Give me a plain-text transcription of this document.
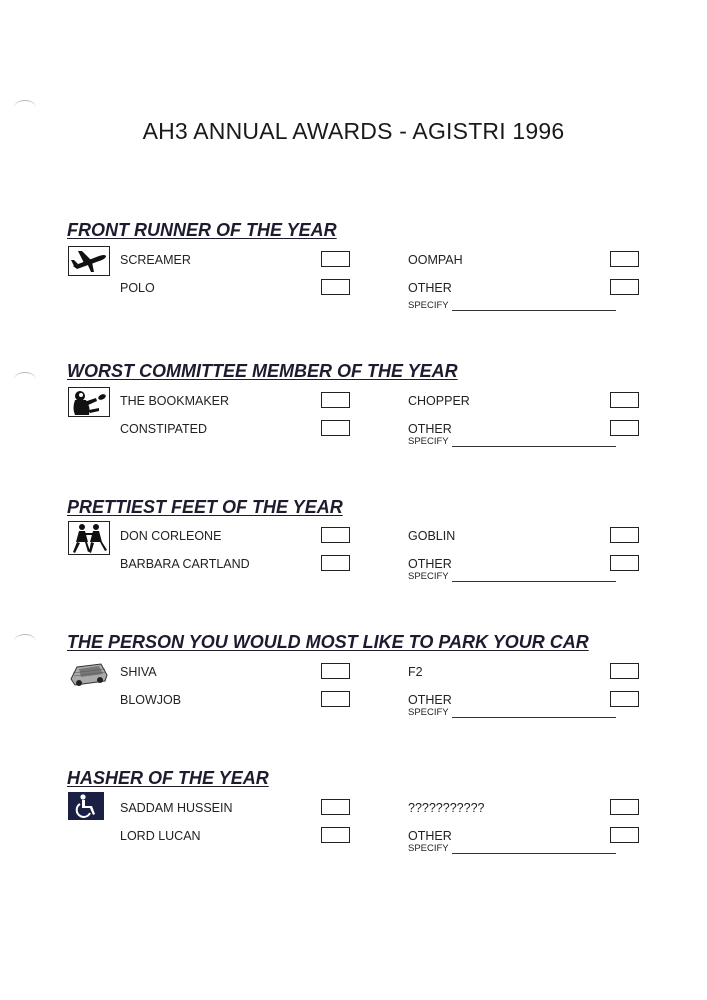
AH3 ANNUAL AWARDS - AGISTRI 1996
FRONT RUNNER OF THE YEAR
SCREAMER	OOMPAH
POLO	OTHER
SPECIFY
WORST COMMITTEE MEMBER OF THE YEAR
THE BOOKMAKER	CHOPPER
CONSTIPATED	OTHER
SPECIFY
PRETTIEST FEET OF THE YEAR
DON CORLEONE	GOBLIN
BARBARA CARTLAND	OTHER
SPECIFY
THE PERSON YOU WOULD MOST LIKE TO PARK YOUR CAR
SHIVA	F2
BLOWJOB	OTHER
SPECIFY
HASHER OF THE YEAR
SADDAM HUSSEIN	???????????
LORD LUCAN	OTHER
SPECIFY
